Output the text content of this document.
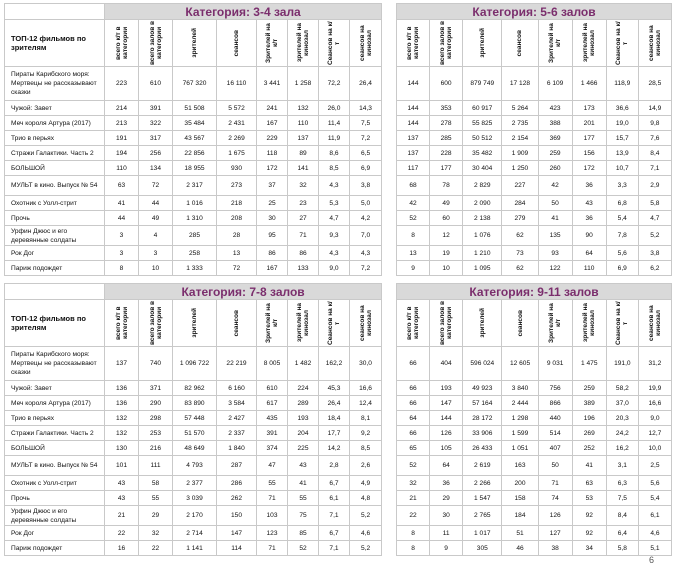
	Категория: 3-4 зала							
ТОП-12 фильмов по зрителям	всего к/т в категории	всего залов в категории	зрителей	сеансов	Зрителей на к/т	зрителей на кинозал	Сеансов на к/т	сеансов на кинозал

Пираты Карибского моря: Мертвецы не рассказывают сказки	223	610	767 320	16 110	3 441	1 258	72,2	26,4
Чужой: Завет	214	391	51 508	5 572	241	132	26,0	14,3
Меч короля Артура (2017)	213	322	35 484	2 431	167	110	11,4	7,5
Трио в перьях	191	317	43 567	2 269	229	137	11,9	7,2
Стражи Галактики. Часть 2	194	256	22 856	1 675	118	89	8,6	6,5
БОЛЬШОЙ	110	134	18 955	930	172	141	8,5	6,9
МУЛЬТ в кино. Выпуск № 54	63	72	2 317	273	37	32	4,3	3,8
Охотник с Уолл-стрит	41	44	1 016	218	25	23	5,3	5,0
Прочь	44	49	1 310	208	30	27	4,7	4,2
Урфин Джюс и его деревянные солдаты	3	4	285	28	95	71	9,3	7,0
Рок Дог	3	3	258	13	86	86	4,3	4,3
Париж подождет	8	10	1 333	72	167	133	9,0	7,2
Категория: 5-6 залов							

всего к/т в категории	всего залов в категории	зрителей	сеансов	Зрителей на к/т	зрителей на кинозал	Сеансов на к/т	сеансов на кинозал

144	600	879 749	17 128	6 109	1 466	118,9	28,5
144	353	60 917	5 264	423	173	36,6	14,9
144	278	55 825	2 735	388	201	19,0	9,8
137	285	50 512	2 154	369	177	15,7	7,6
137	228	35 482	1 909	259	156	13,9	8,4
117	177	30 404	1 250	260	172	10,7	7,1
68	78	2 829	227	42	36	3,3	2,9
42	49	2 090	284	50	43	6,8	5,8
52	60	2 138	279	41	36	5,4	4,7
8	12	1 076	62	135	90	7,8	5,2
13	19	1 210	73	93	64	5,6	3,8
9	10	1 095	62	122	110	6,9	6,2
	Категория: 7-8 залов							
ТОП-12 фильмов по зрителям	всего к/т в категории	всего залов в категории	зрителей	сеансов	Зрителей на к/т	зрителей на кинозал	Сеансов на к/т	сеансов на кинозал

Пираты Карибского моря: Мертвецы не рассказывают сказки	137	740	1 096 722	22 219	8 005	1 482	162,2	30,0
Чужой: Завет	136	371	82 962	6 160	610	224	45,3	16,6
Меч короля Артура (2017)	136	290	83 890	3 584	617	289	26,4	12,4
Трио в перьях	132	298	57 448	2 427	435	193	18,4	8,1
Стражи Галактики. Часть 2	132	253	51 570	2 337	391	204	17,7	9,2
БОЛЬШОЙ	130	216	48 649	1 840	374	225	14,2	8,5
МУЛЬТ в кино. Выпуск № 54	101	111	4 793	287	47	43	2,8	2,6
Охотник с Уолл-стрит	43	58	2 377	286	55	41	6,7	4,9
Прочь	43	55	3 039	262	71	55	6,1	4,8
Урфин Джюс и его деревянные солдаты	21	29	2 170	150	103	75	7,1	5,2
Рок Дог	22	32	2 714	147	123	85	6,7	4,6
Париж подождет	16	22	1 141	114	71	52	7,1	5,2
Категория: 9-11 залов							

всего к/т в категории	всего залов в категории	зрителей	сеансов	Зрителей на к/т	зрителей на кинозал	Сеансов на к/т	сеансов на кинозал

66	404	596 024	12 605	9 031	1 475	191,0	31,2
66	193	49 923	3 840	756	259	58,2	19,9
66	147	57 164	2 444	866	389	37,0	16,6
64	144	28 172	1 298	440	196	20,3	9,0
66	126	33 906	1 599	514	269	24,2	12,7
65	105	26 433	1 051	407	252	16,2	10,0
52	64	2 619	163	50	41	3,1	2,5
32	36	2 266	200	71	63	6,3	5,6
21	29	1 547	158	74	53	7,5	5,4
22	30	2 765	184	126	92	8,4	6,1
8	11	1 017	51	127	92	6,4	4,6
8	9	305	46	38	34	5,8	5,1
6
